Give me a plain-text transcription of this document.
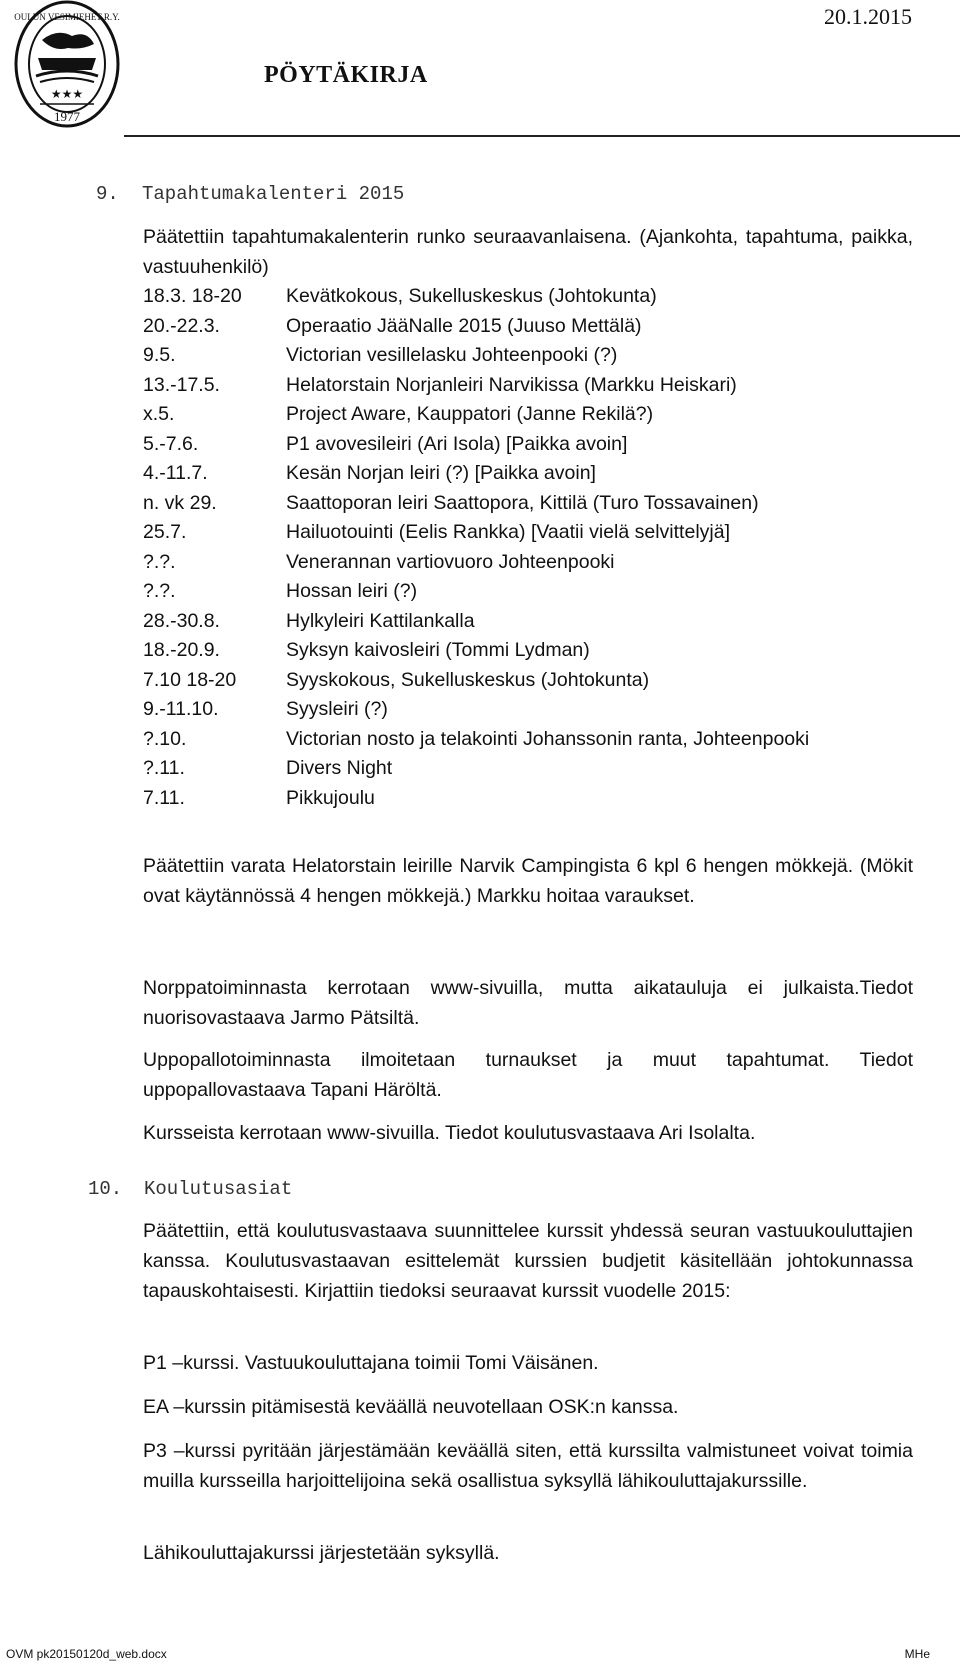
★★★
1977
OULUN VESIMIEHET R.Y.	20.1.2015
PÖYTÄKIRJA
9. Tapahtumakalenteri 2015
Päätettiin tapahtumakalenterin runko seuraavanlaisena. (Ajankohta, tapahtuma, paikka, vastuuhenkilö)
18.3. 18-20	Kevätkokous, Sukelluskeskus (Johtokunta)
20.-22.3.	Operaatio JääNalle 2015 (Juuso Mettälä)
9.5.	Victorian vesillelasku Johteenpooki (?)
13.-17.5.	Helatorstain Norjanleiri Narvikissa (Markku Heiskari)
x.5.	Project Aware, Kauppatori (Janne Rekilä?)
5.-7.6.	P1 avovesileiri (Ari Isola) [Paikka avoin]
4.-11.7.	Kesän Norjan leiri (?) [Paikka avoin]
n. vk 29.	Saattoporan leiri Saattopora, Kittilä (Turo Tossavainen)
25.7.	Hailuotouinti (Eelis Rankka) [Vaatii vielä selvittelyjä]
?.?.	Venerannan vartiovuoro Johteenpooki
?.?.	Hossan leiri (?)
28.-30.8.	Hylkyleiri Kattilankalla
18.-20.9.	Syksyn kaivosleiri (Tommi Lydman)
7.10 18-20	Syyskokous, Sukelluskeskus (Johtokunta)
9.-11.10.	Syysleiri (?)
?.10.	Victorian nosto ja telakointi Johanssonin ranta, Johteenpooki
?.11.	Divers Night
7.11.	Pikkujoulu
Päätettiin varata Helatorstain leirille Narvik Campingista 6 kpl 6 hengen mökkejä. (Mökit ovat käytännössä 4 hengen mökkejä.) Markku hoitaa varaukset.
Norppatoiminnasta kerrotaan www-sivuilla, mutta aikatauluja ei julkaista.Tiedot nuorisovastaava Jarmo Pätsiltä.
Uppopallotoiminnasta ilmoitetaan turnaukset ja muut tapahtumat. Tiedot uppopallovastaava Tapani Häröltä.
Kursseista kerrotaan www-sivuilla. Tiedot koulutusvastaava Ari Isolalta.
10. Koulutusasiat
Päätettiin, että koulutusvastaava suunnittelee kurssit yhdessä seuran vastuukouluttajien kanssa. Koulutusvastaavan esittelemät kurssien budjetit käsitellään johtokunnassa tapauskohtaisesti. Kirjattiin tiedoksi seuraavat kurssit vuodelle 2015:
P1 –kurssi. Vastuukouluttajana toimii Tomi Väisänen.
EA –kurssin pitämisestä keväällä neuvotellaan OSK:n kanssa.
P3 –kurssi pyritään järjestämään keväällä siten, että kurssilta valmistuneet voivat toimia muilla kursseilla harjoittelijoina sekä osallistua syksyllä lähikouluttajakurssille.
Lähikouluttajakurssi järjestetään syksyllä.
OVM pk20150120d_web.docx	MHe
